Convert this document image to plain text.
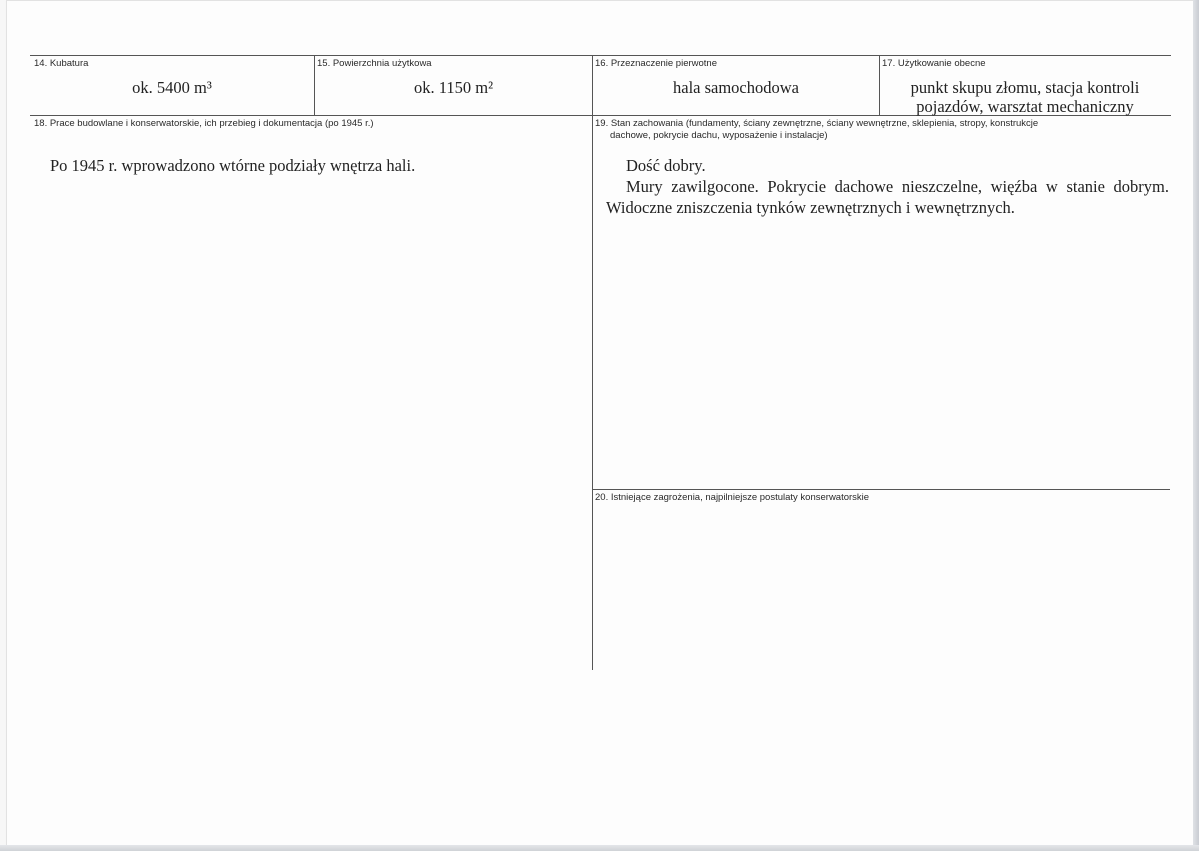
14. Kubatura
ok. 5400 m³
15. Powierzchnia użytkowa
ok. 1150 m²
16. Przeznaczenie pierwotne
hala samochodowa
17. Użytkowanie obecne
punkt skupu złomu, stacja kontroli
pojazdów, warsztat mechaniczny
18. Prace budowlane i konserwatorskie, ich przebieg i dokumentacja (po 1945 r.)
Po 1945 r. wprowadzono wtórne podziały wnętrza hali.
19. Stan zachowania (fundamenty, ściany zewnętrzne, ściany wewnętrzne, sklepienia, stropy, konstrukcje
dachowe, pokrycie dachu, wyposażenie i instalacje)

Dość dobry.

Mury zawilgocone. Pokrycie dachowe nieszczelne, więźba w stanie dobrym. Widoczne zniszczenia tynków zewnętrznych i wewnętrznych.

20. Istniejące zagrożenia, najpilniejsze postulaty konserwatorskie
